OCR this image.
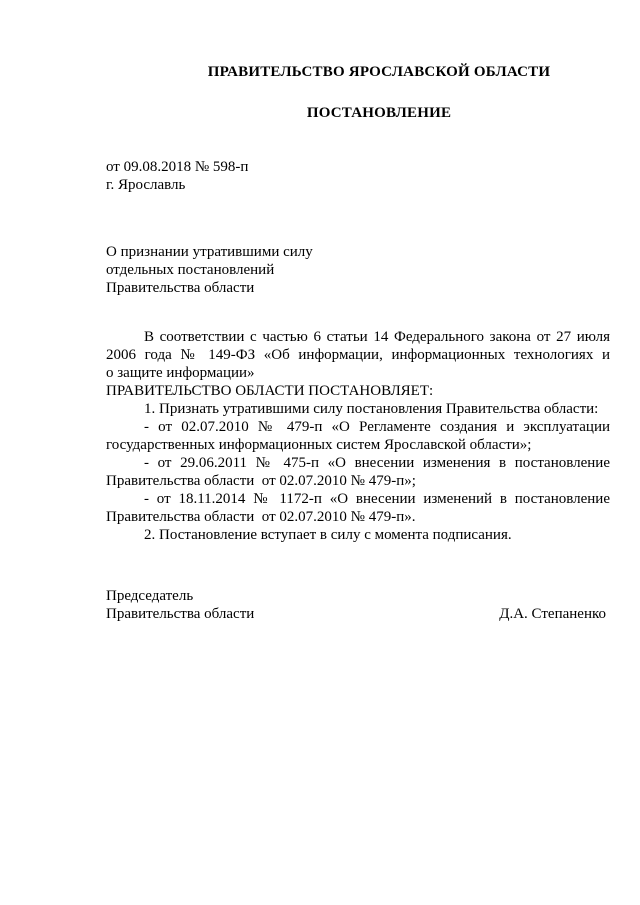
ПРАВИТЕЛЬСТВО ЯРОСЛАВСКОЙ ОБЛАСТИ
ПОСТАНОВЛЕНИЕ
от 09.08.2018 № 598-п
г. Ярославль
О признании утратившими силу
отдельных постановлений
Правительства области
В соответствии с частью 6 статьи 14 Федерального закона от 27 июля
2006 года № 149-ФЗ «Об информации, информационных технологиях и
о защите информации»
ПРАВИТЕЛЬСТВО ОБЛАСТИ ПОСТАНОВЛЯЕТ:
1. Признать утратившими силу постановления Правительства области:
- от 02.07.2010 № 479-п «О Регламенте создания и эксплуатации
государственных информационных систем Ярославской области»;
- от 29.06.2011 № 475-п «О внесении изменения в постановление
Правительства области  от 02.07.2010 № 479-п»;
- от 18.11.2014 № 1172-п «О внесении изменений в постановление
Правительства области  от 02.07.2010 № 479-п».
2. Постановление вступает в силу с момента подписания.
Председатель
Правительства области	Д.А. Степаненко
